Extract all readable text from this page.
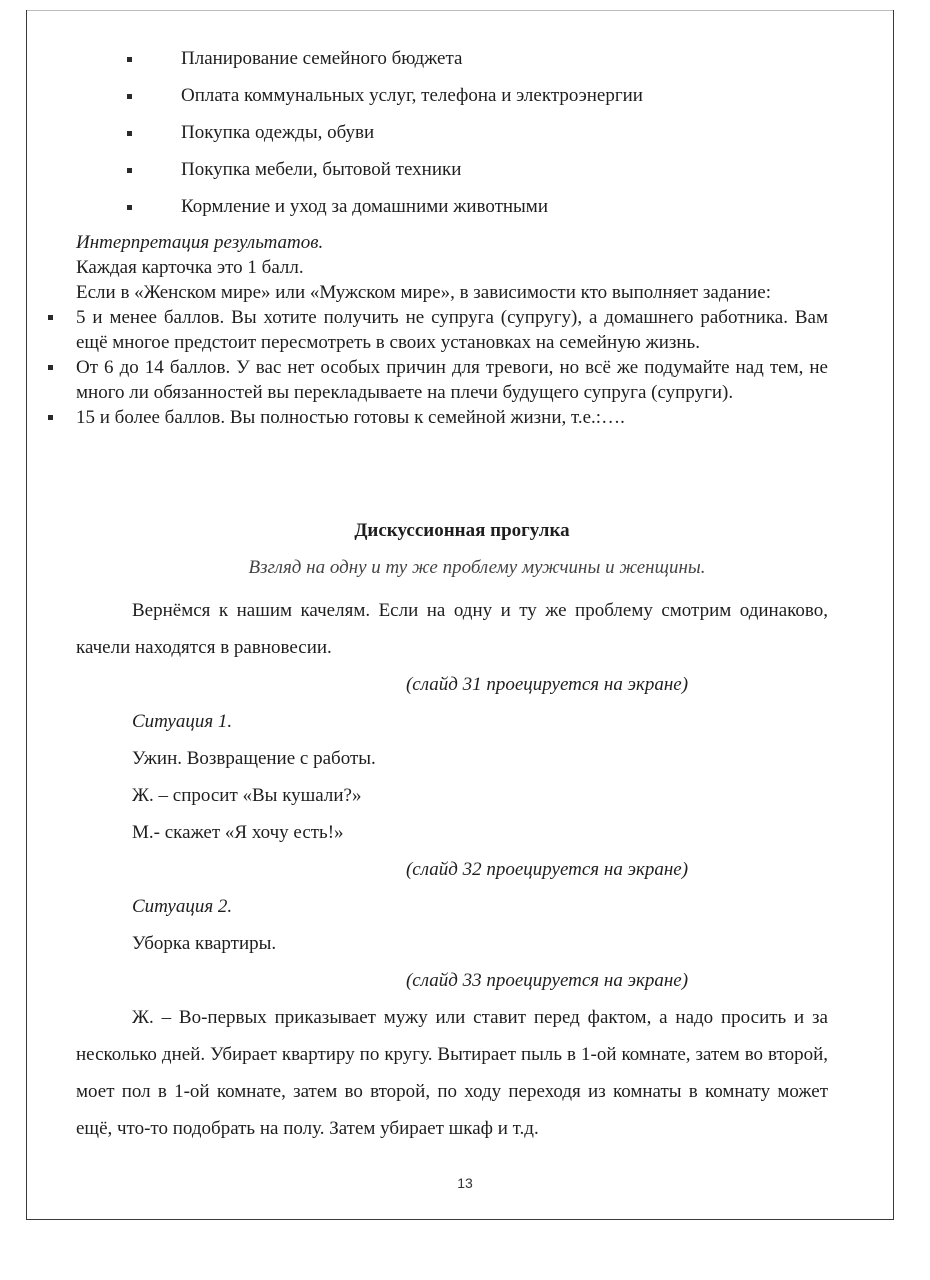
Планирование семейного бюджета
Оплата коммунальных услуг, телефона и электроэнергии
Покупка одежды, обуви
Покупка мебели, бытовой техники
Кормление и уход за домашними животными
Интерпретация результатов.
Каждая карточка это 1 балл.
Если в «Женском мире» или «Мужском мире», в зависимости кто выполняет задание:
5 и менее баллов. Вы хотите получить не супруга (супругу), а домашнего работника. Вам ещё многое предстоит пересмотреть в своих установках на семейную жизнь.
От 6 до 14 баллов. У вас нет особых причин для тревоги, но всё же подумайте над тем, не много ли обязанностей вы перекладываете на плечи будущего супруга (супруги).
15 и более баллов. Вы полностью готовы к семейной жизни, т.е.:….
Дискуссионная прогулка
Взгляд на одну и ту же проблему мужчины и женщины.
Вернёмся к нашим качелям. Если на одну и ту же проблему смотрим одинаково, качели находятся в равновесии.
(слайд 31 проецируется на экране)
Ситуация 1.
Ужин. Возвращение с работы.
Ж. – спросит «Вы кушали?»
М.- скажет «Я хочу есть!»
(слайд 32 проецируется на экране)
Ситуация 2.
Уборка квартиры.
(слайд 33 проецируется на экране)
Ж. – Во-первых приказывает мужу или ставит перед фактом, а надо просить и за несколько дней. Убирает квартиру по кругу. Вытирает пыль в 1-ой комнате, затем во второй, моет пол в 1-ой комнате, затем во второй, по ходу переходя из комнаты в комнату может ещё, что-то подобрать на полу. Затем убирает шкаф и т.д.
13
